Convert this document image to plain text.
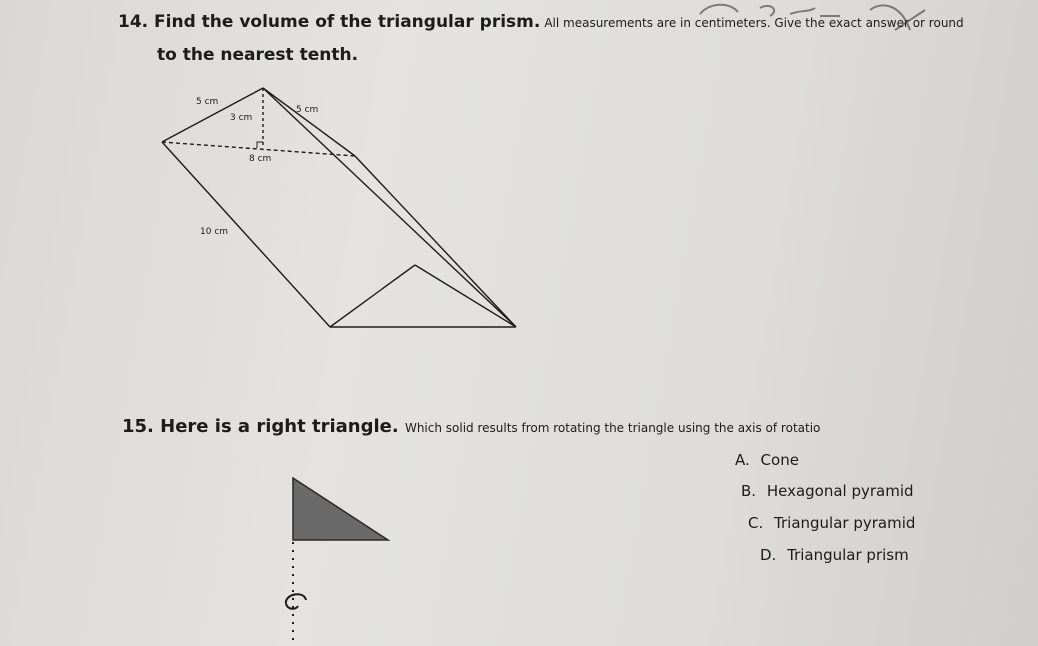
14. Find the volume of the triangular prism. All measurements are in centimeters. Give the exact answer or round
to the nearest tenth.
5 cm
5 cm
3 cm
8 cm
10 cm
15. Here is a right triangle. Which solid results from rotating the triangle using the axis of rotatio
A. Cone
B. Hexagonal pyramid
C. Triangular pyramid
D. Triangular prism
